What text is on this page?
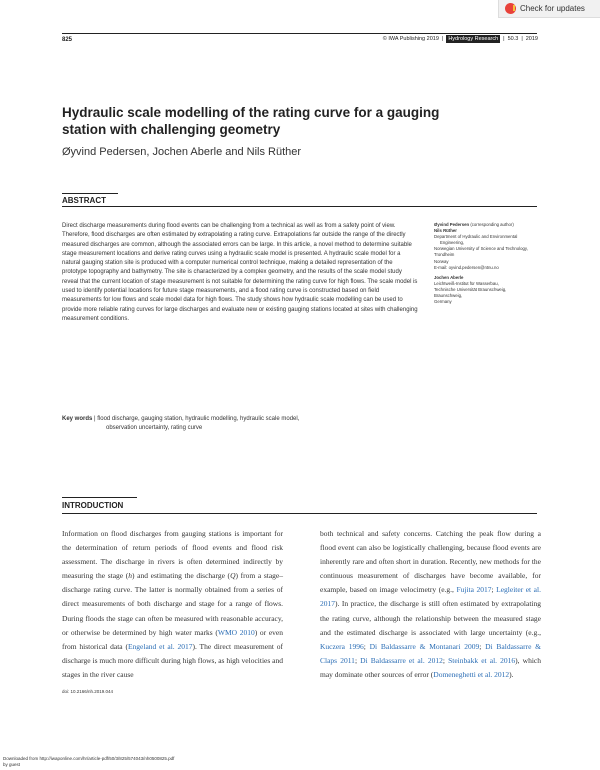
Check for updates
825	© IWA Publishing 2019 | Hydrology Research | 50.3 | 2019
Hydraulic scale modelling of the rating curve for a gauging station with challenging geometry
Øyvind Pedersen, Jochen Aberle and Nils Rüther
ABSTRACT
Direct discharge measurements during flood events can be challenging from a technical as well as from a safety point of view. Therefore, flood discharges are often estimated by extrapolating a rating curve. Extrapolations far outside the range of the directly measured discharges are common, although the associated errors can be large. In this article, a novel method to determine suitable stage measurement locations and derive rating curves using a hydraulic scale model is presented. A hydraulic scale model for a natural gauging station site is produced with a computer numerical control technique, making a detailed representation of the prototype topography and bathymetry. The site is characterized by a complex geometry, and the results of the scale model study reveal that the current location of stage measurement is not suitable for determining the rating curve for high flows. The scale model is used to identify potential locations for future stage measurements, and a flood rating curve is constructed based on field measurements for low flows and scale model data for high flows. The study shows how hydraulic scale modelling can be used to provide more reliable rating curves for large discharges and evaluate new or existing gauging stations located at sites with challenging measurement conditions.
Key words | flood discharge, gauging station, hydraulic modelling, hydraulic scale model,
observation uncertainty, rating curve
Øyvind Pedersen (corresponding author)
Nils Rüther
Department of Hydraulic and Environmental
Engineering,
Norwegian University of Science and Technology,
Trondheim
Norway
E-mail: oyvind.pedersen@ntnu.no
Jochen Aberle
Leichtweiß-Institut für Wasserbau,
Technische Universität Braunschweig,
Braunschweig,
Germany
INTRODUCTION
Information on flood discharges from gauging stations is important for the determination of return periods of flood events and flood risk assessment. The discharge in rivers is often determined indirectly by measuring the stage (h) and estimating the discharge (Q) from a stage–discharge rating curve. The latter is normally obtained from a series of direct measurements of both discharge and stage for a range of flows. During floods the stage can often be measured with reasonable accuracy, or otherwise be determined by high water marks (WMO 2010) or even from historical data (Engeland et al. 2017). The direct measurement of discharge is much more difficult during high flows, as high velocities and stages in the river cause
both technical and safety concerns. Catching the peak flow during a flood event can also be logistically challenging, because flood events are inherently rare and often short in duration. Recently, new methods for the continuous measurement of discharges have become available, for example, based on image velocimetry (e.g., Fujita 2017; Legleiter et al. 2017). In practice, the discharge is still often estimated by extrapolating the rating curve, although the relationship between the measured stage and the estimated discharge is associated with large uncertainty (e.g., Kuczera 1996; Di Baldassarre & Montanari 2009; Di Baldassarre & Claps 2011; Di Baldassarre et al. 2012; Steinbakk et al. 2016), which may dominate other sources of error (Domeneghetti et al. 2012).
doi: 10.2166/nh.2019.044
Downloaded from http://iwaponline.com/hr/article-pdf/50/3/825/574043/nh0500825.pdf
by guest
